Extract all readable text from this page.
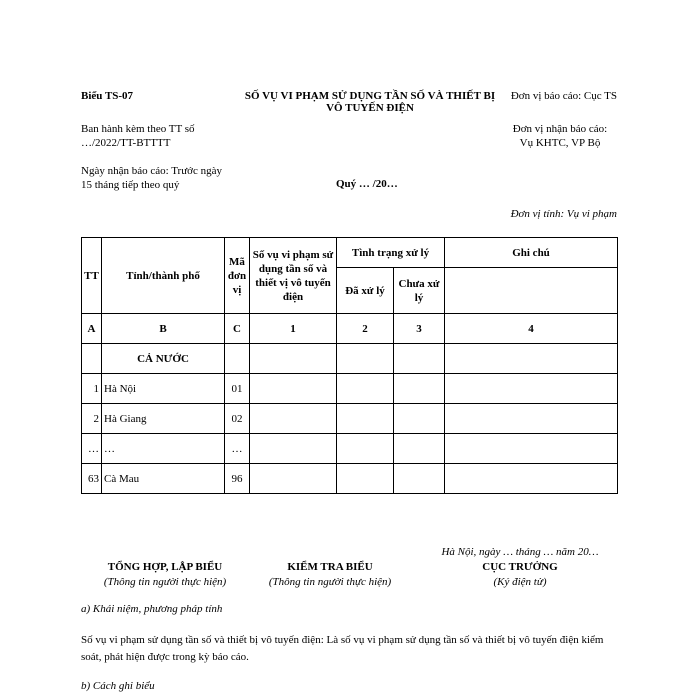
Biểu TS-07	SỐ VỤ VI PHẠM SỬ DỤNG TẦN SỐ VÀ THIẾT BỊ
VÔ TUYẾN ĐIỆN
Đơn vị báo cáo: Cục TS
Ban hành kèm theo TT số
…/2022/TT-BTTTT
Đơn vị nhận báo cáo:
Vụ KHTC, VP Bộ
Ngày nhận báo cáo: Trước ngày
15 tháng tiếp theo quý	Quý … /20…
Đơn vị tính: Vụ vi phạm
TT	Tỉnh/thành phố	Mã đơn vị	Số vụ vi phạm sử dụng tần số và thiết vị vô tuyến điện	Tình trạng xử lý		Ghi chú
				Đã xử lý	Chưa xử lý	
A	B	C	1	2	3	4
	CẢ NƯỚC					
1	Hà Nội	01				
2	Hà Giang	02				
…	…	…				
63	Cà Mau	96				
Hà Nội, ngày … tháng … năm 20…
TỔNG HỢP, LẬP BIỂU
(Thông tin người thực hiện)
KIỂM TRA BIỂU
(Thông tin người thực hiện)
CỤC TRƯỞNG
(Ký điện tử)
a) Khái niệm, phương pháp tính
Số vụ vi phạm sử dụng tần số và thiết bị vô tuyến điện: Là số vụ vi phạm sử dụng tần số và thiết bị vô tuyến điện kiểm soát, phát hiện được trong kỳ báo cáo.
b) Cách ghi biểu
